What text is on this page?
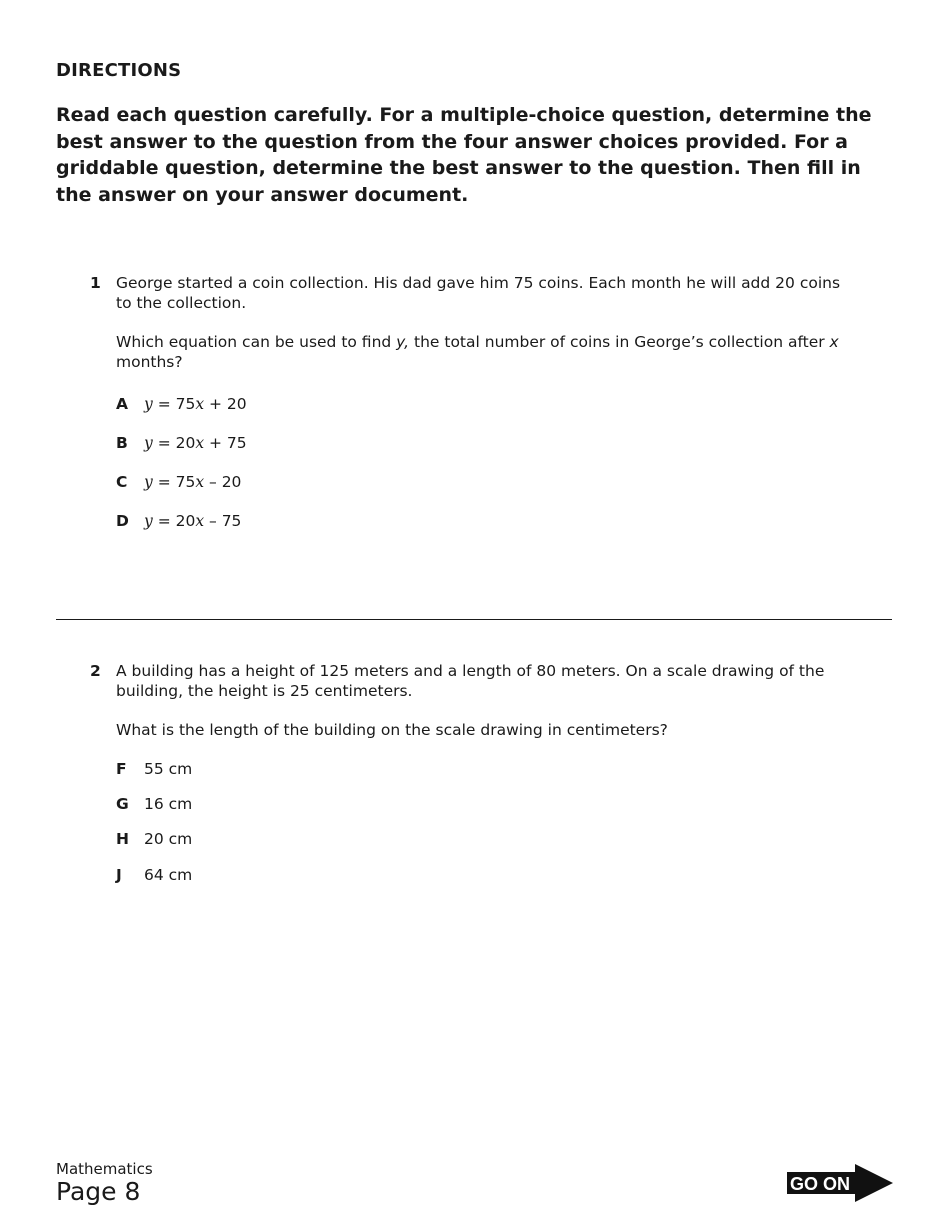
DIRECTIONS
Read each question carefully. For a multiple-choice question, determine the best answer to the question from the four answer choices provided. For a griddable question, determine the best answer to the question. Then fill in the answer on your answer document.
1 George started a coin collection. His dad gave him 75 coins. Each month he will add 20 coins to the collection.

Which equation can be used to find y, the total number of coins in George’s collection after x months?

A y = 75x + 20
B y = 20x + 75
C y = 75x – 20
D y = 20x – 75
2 A building has a height of 125 meters and a length of 80 meters. On a scale drawing of the building, the height is 25 centimeters.

What is the length of the building on the scale drawing in centimeters?

F 55 cm
G 16 cm
H 20 cm
J 64 cm
Mathematics
Page 8	GO ON
